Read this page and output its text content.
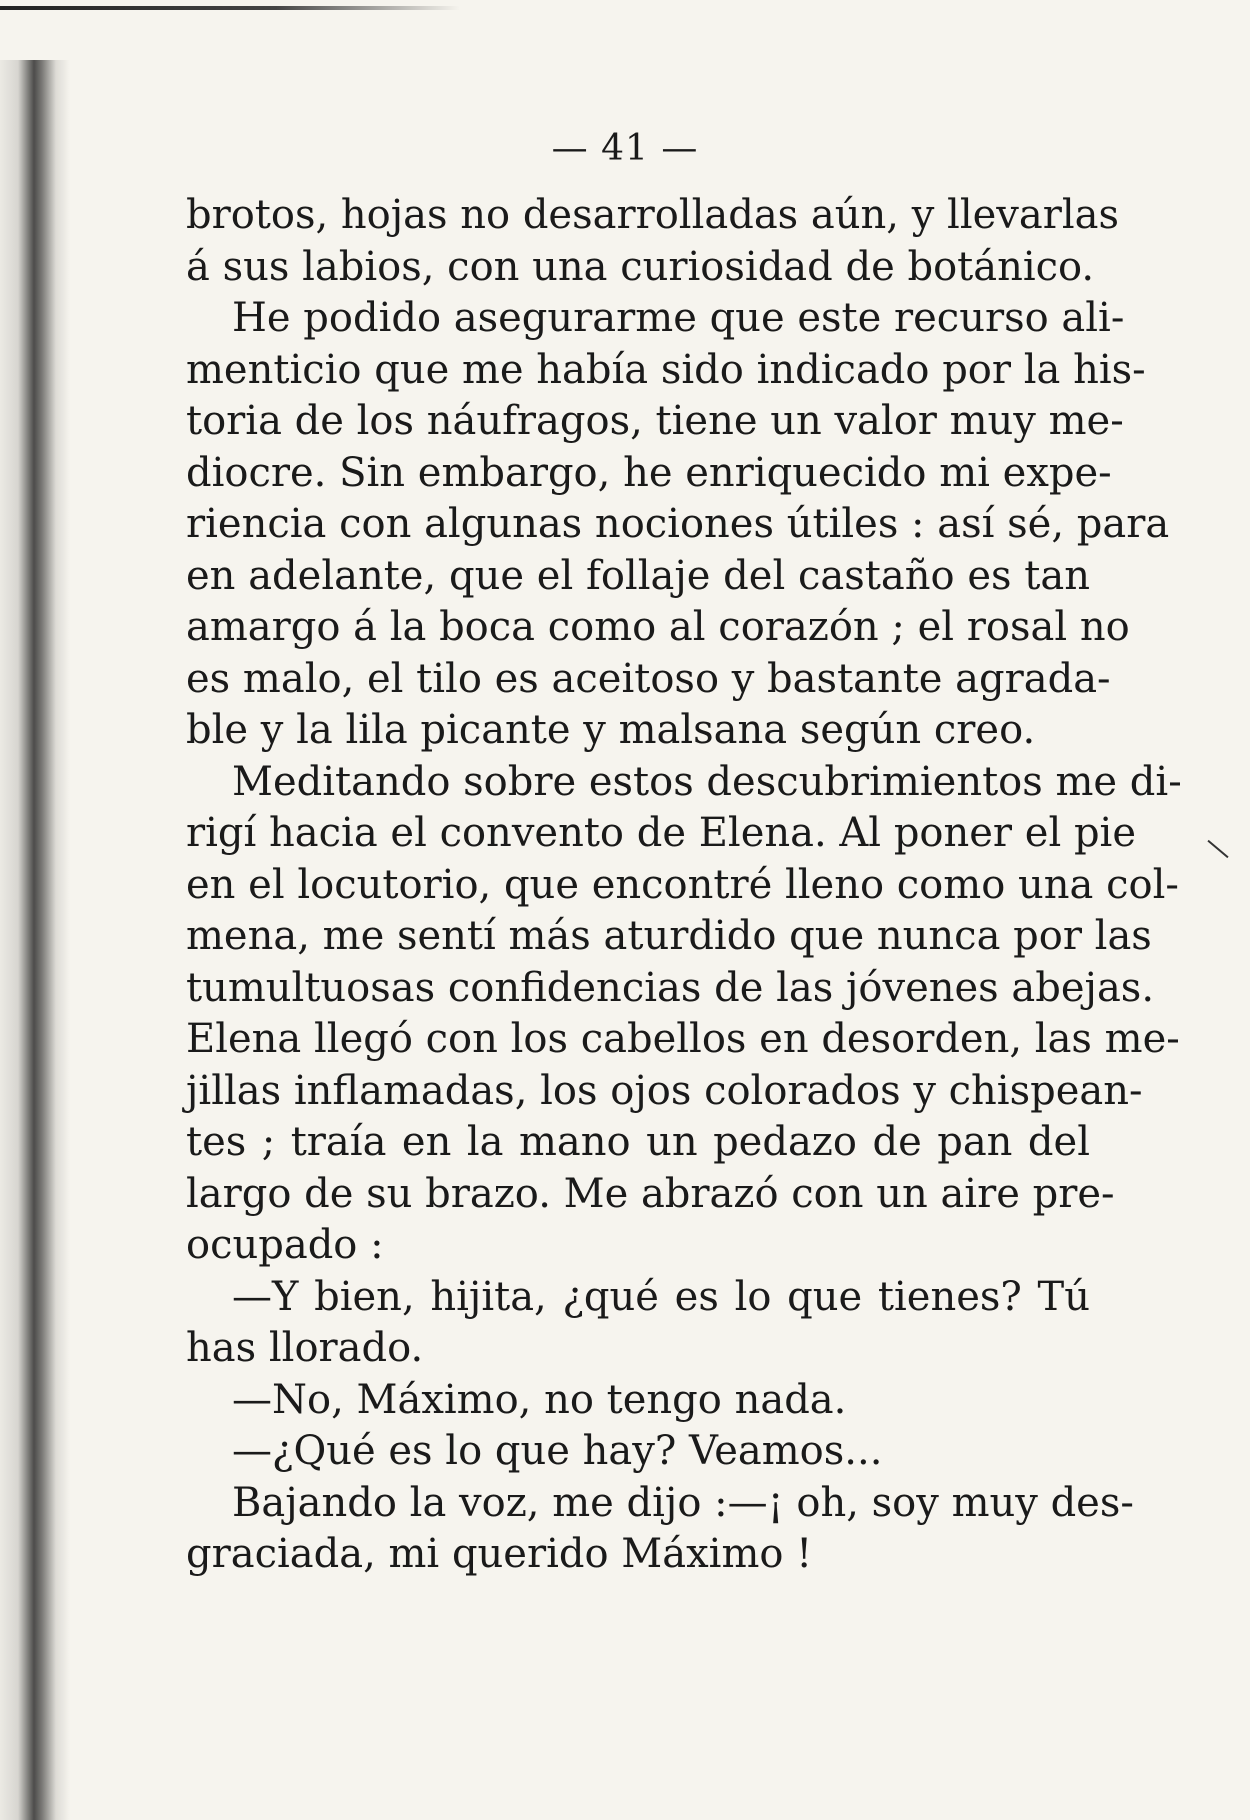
— 41 —
brotos, hojas no desarrolladas aún, y llevarlas
á sus labios, con una curiosidad de botánico.
He podido asegurarme que este recurso ali-
menticio que me había sido indicado por la his-
toria de los náufragos, tiene un valor muy me-
diocre. Sin embargo, he enriquecido mi expe-
riencia con algunas nociones útiles : así sé, para
en adelante, que el follaje del castaño es tan
amargo á la boca como al corazón ; el rosal no
es malo, el tilo es aceitoso y bastante agrada-
ble y la lila picante y malsana según creo.
Meditando sobre estos descubrimientos me di-
rigí hacia el convento de Elena. Al poner el pie
en el locutorio, que encontré lleno como una col-
mena, me sentí más aturdido que nunca por las
tumultuosas confidencias de las jóvenes abejas.
Elena llegó con los cabellos en desorden, las me-
jillas inflamadas, los ojos colorados y chispean-
tes ; traía en la mano un pedazo de pan del
largo de su brazo. Me abrazó con un aire pre-
ocupado :
—Y bien, hijita, ¿qué es lo que tienes? Tú
has llorado.
—No, Máximo, no tengo nada.
—¿Qué es lo que hay? Veamos...
Bajando la voz, me dijo :—¡ oh, soy muy des-
graciada, mi querido Máximo !
